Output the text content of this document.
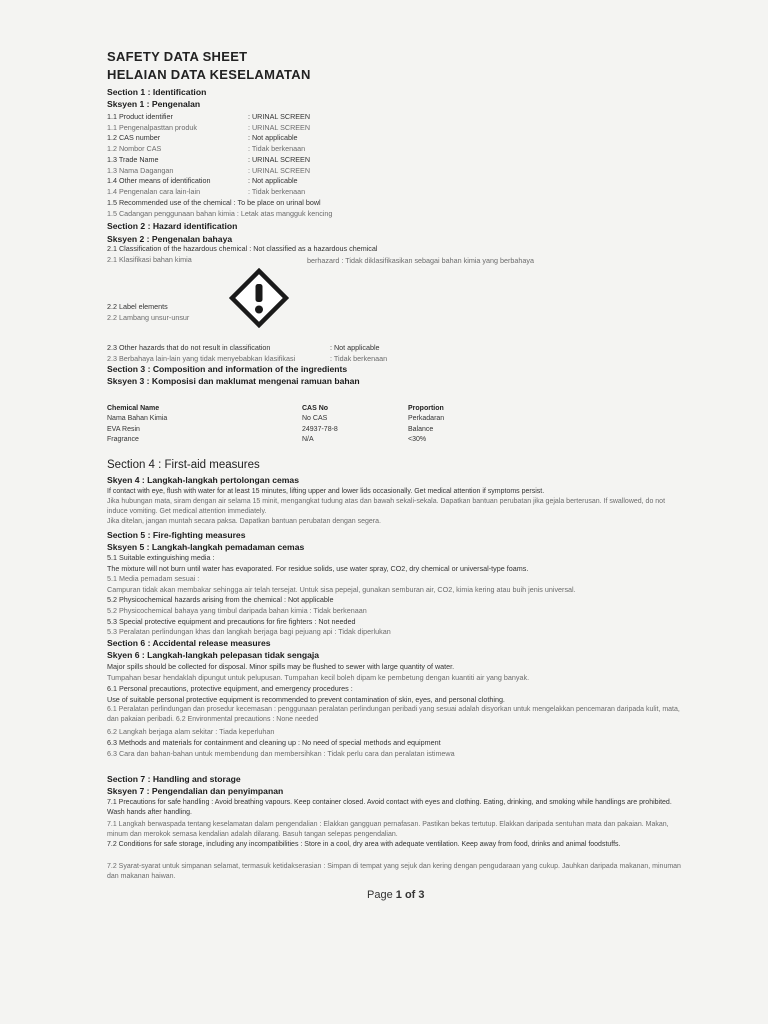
SAFETY DATA SHEET
HELAIAN DATA KESELAMATAN
Section 1 : Identification
Sksyen 1 : Pengenalan
1.1 Product identifier	: URINAL SCREEN
1.1 Pengenalpasttan produk	: URINAL SCREEN
1.2 CAS number	: Not applicable
1.2 Nombor CAS	: Tidak berkenaan
1.3 Trade Name	: URINAL SCREEN
1.3 Nama Dagangan	: URINAL SCREEN
1.4 Other means of identification	: Not applicable
1.4 Pengenalan cara lain-lain	: Tidak berkenaan
1.5 Recommended use of the chemical : To be place on urinal bowl
1.5 Cadangan penggunaan bahan kimia : Letak atas mangguk kencing
Section 2 : Hazard identification
Sksyen 2 : Pengenalan bahaya
2.1 Classification of the hazardous chemical : Not classified as a hazardous chemical
2.1 Klasifikasi bahan kimia	berhazard : Tidak diklasifikasikan sebagai bahan kimia yang berbahaya
2.2 Label elements
2.2 Lambang unsur-unsur
2.3 Other hazards that do not result in classification	: Not applicable
2.3 Berbahaya lain-lain yang tidak menyebabkan klasifikasi	: Tidak berkenaan
Section 3 : Composition and information of the ingredients
Sksyen 3 : Komposisi dan maklumat mengenai ramuan bahan
Chemical Name	CAS No	Proportion
Nama Bahan Kimia	No CAS	Perkadaran
EVA Resin	24937-78-8	Balance
Fragrance	N/A	<30%
Section 4 : First-aid measures
Skyen 4 : Langkah-langkah pertolongan cemas
If contact with eye, flush with water for at least 15 minutes, lifting upper and lower lids occasionally. Get medical attention if symptoms persist.
Jika hubungan mata, siram dengan air selama 15 minit, mengangkat tudung atas dan bawah sekali-sekala. Dapatkan bantuan perubatan jika gejala berterusan. If swallowed, do not induce vomiting. Get medical attention immediately.
Jika ditelan, jangan muntah secara paksa. Dapatkan bantuan perubatan dengan segera.
Section 5 : Fire-fighting measures
Sksyen 5 : Langkah-langkah pemadaman cemas
5.1 Suitable extinguishing media :
The mixture will not burn until water has evaporated. For residue solids, use water spray, CO2, dry chemical or universal-type foams.
5.1 Media pemadam sesuai :
Campuran tidak akan membakar sehingga air telah tersejat. Untuk sisa pepejal, gunakan semburan air, CO2, kimia kering atau buih jenis universal.
5.2 Physicochemical hazards arising from the chemical : Not applicable
5.2 Physicochemical bahaya yang timbul daripada bahan kimia : Tidak berkenaan
5.3 Special protective equipment and precautions for fire fighters : Not needed
5.3 Peralatan perlindungan khas dan langkah berjaga bagi pejuang api : Tidak diperlukan
Section 6 : Accidental release measures
Skyen 6 : Langkah-langkah pelepasan tidak sengaja
Major spills should be collected for disposal. Minor spills may be flushed to sewer with large quantity of water.
Tumpahan besar hendaklah dipungut untuk pelupusan. Tumpahan kecil boleh dipam ke pembetung dengan kuantiti air yang banyak.
6.1 Personal precautions, protective equipment, and emergency procedures :
Use of suitable personal protective equipment is recommended to prevent contamination of skin, eyes, and personal clothing.
6.1 Peralatan perlindungan dan prosedur kecemasan : penggunaan peralatan perlindungan peribadi yang sesuai adalah disyorkan untuk mengelakkan pencemaran daripada kulit, mata, dan pakaian peribadi. 6.2 Environmental precautions : None needed
6.2 Langkah berjaga alam sekitar : Tiada keperluhan
6.3 Methods and materials for containment and cleaning up : No need of special methods and equipment
6.3 Cara dan bahan-bahan untuk membendung dan membersihkan : Tidak perlu cara dan peralatan istimewa
Section 7 : Handling and storage
Sksyen 7 : Pengendalian dan penyimpanan
7.1 Precautions for safe handling : Avoid breathing vapours. Keep container closed. Avoid contact with eyes and clothing. Eating, drinking, and smoking while handlings are prohibited. Wash hands after handling.
7.1 Langkah berwaspada tentang keselamatan dalam pengendalian : Elakkan gangguan pernafasan. Pastikan bekas tertutup. Elakkan daripada sentuhan mata dan pakaian. Makan, minum dan merokok semasa kendalian adalah dilarang. Basuh tangan selepas pengendalian.
7.2 Conditions for safe storage, including any incompatibilities : Store in a cool, dry area with adequate ventilation. Keep away from food, drinks and animal foodstuffs.
7.2 Syarat-syarat untuk simpanan selamat, termasuk ketidakserasian : Simpan di tempat yang sejuk dan kering dengan pengudaraan yang cukup. Jauhkan daripada makanan, minuman dan makanan haiwan.
Page 1 of 3
